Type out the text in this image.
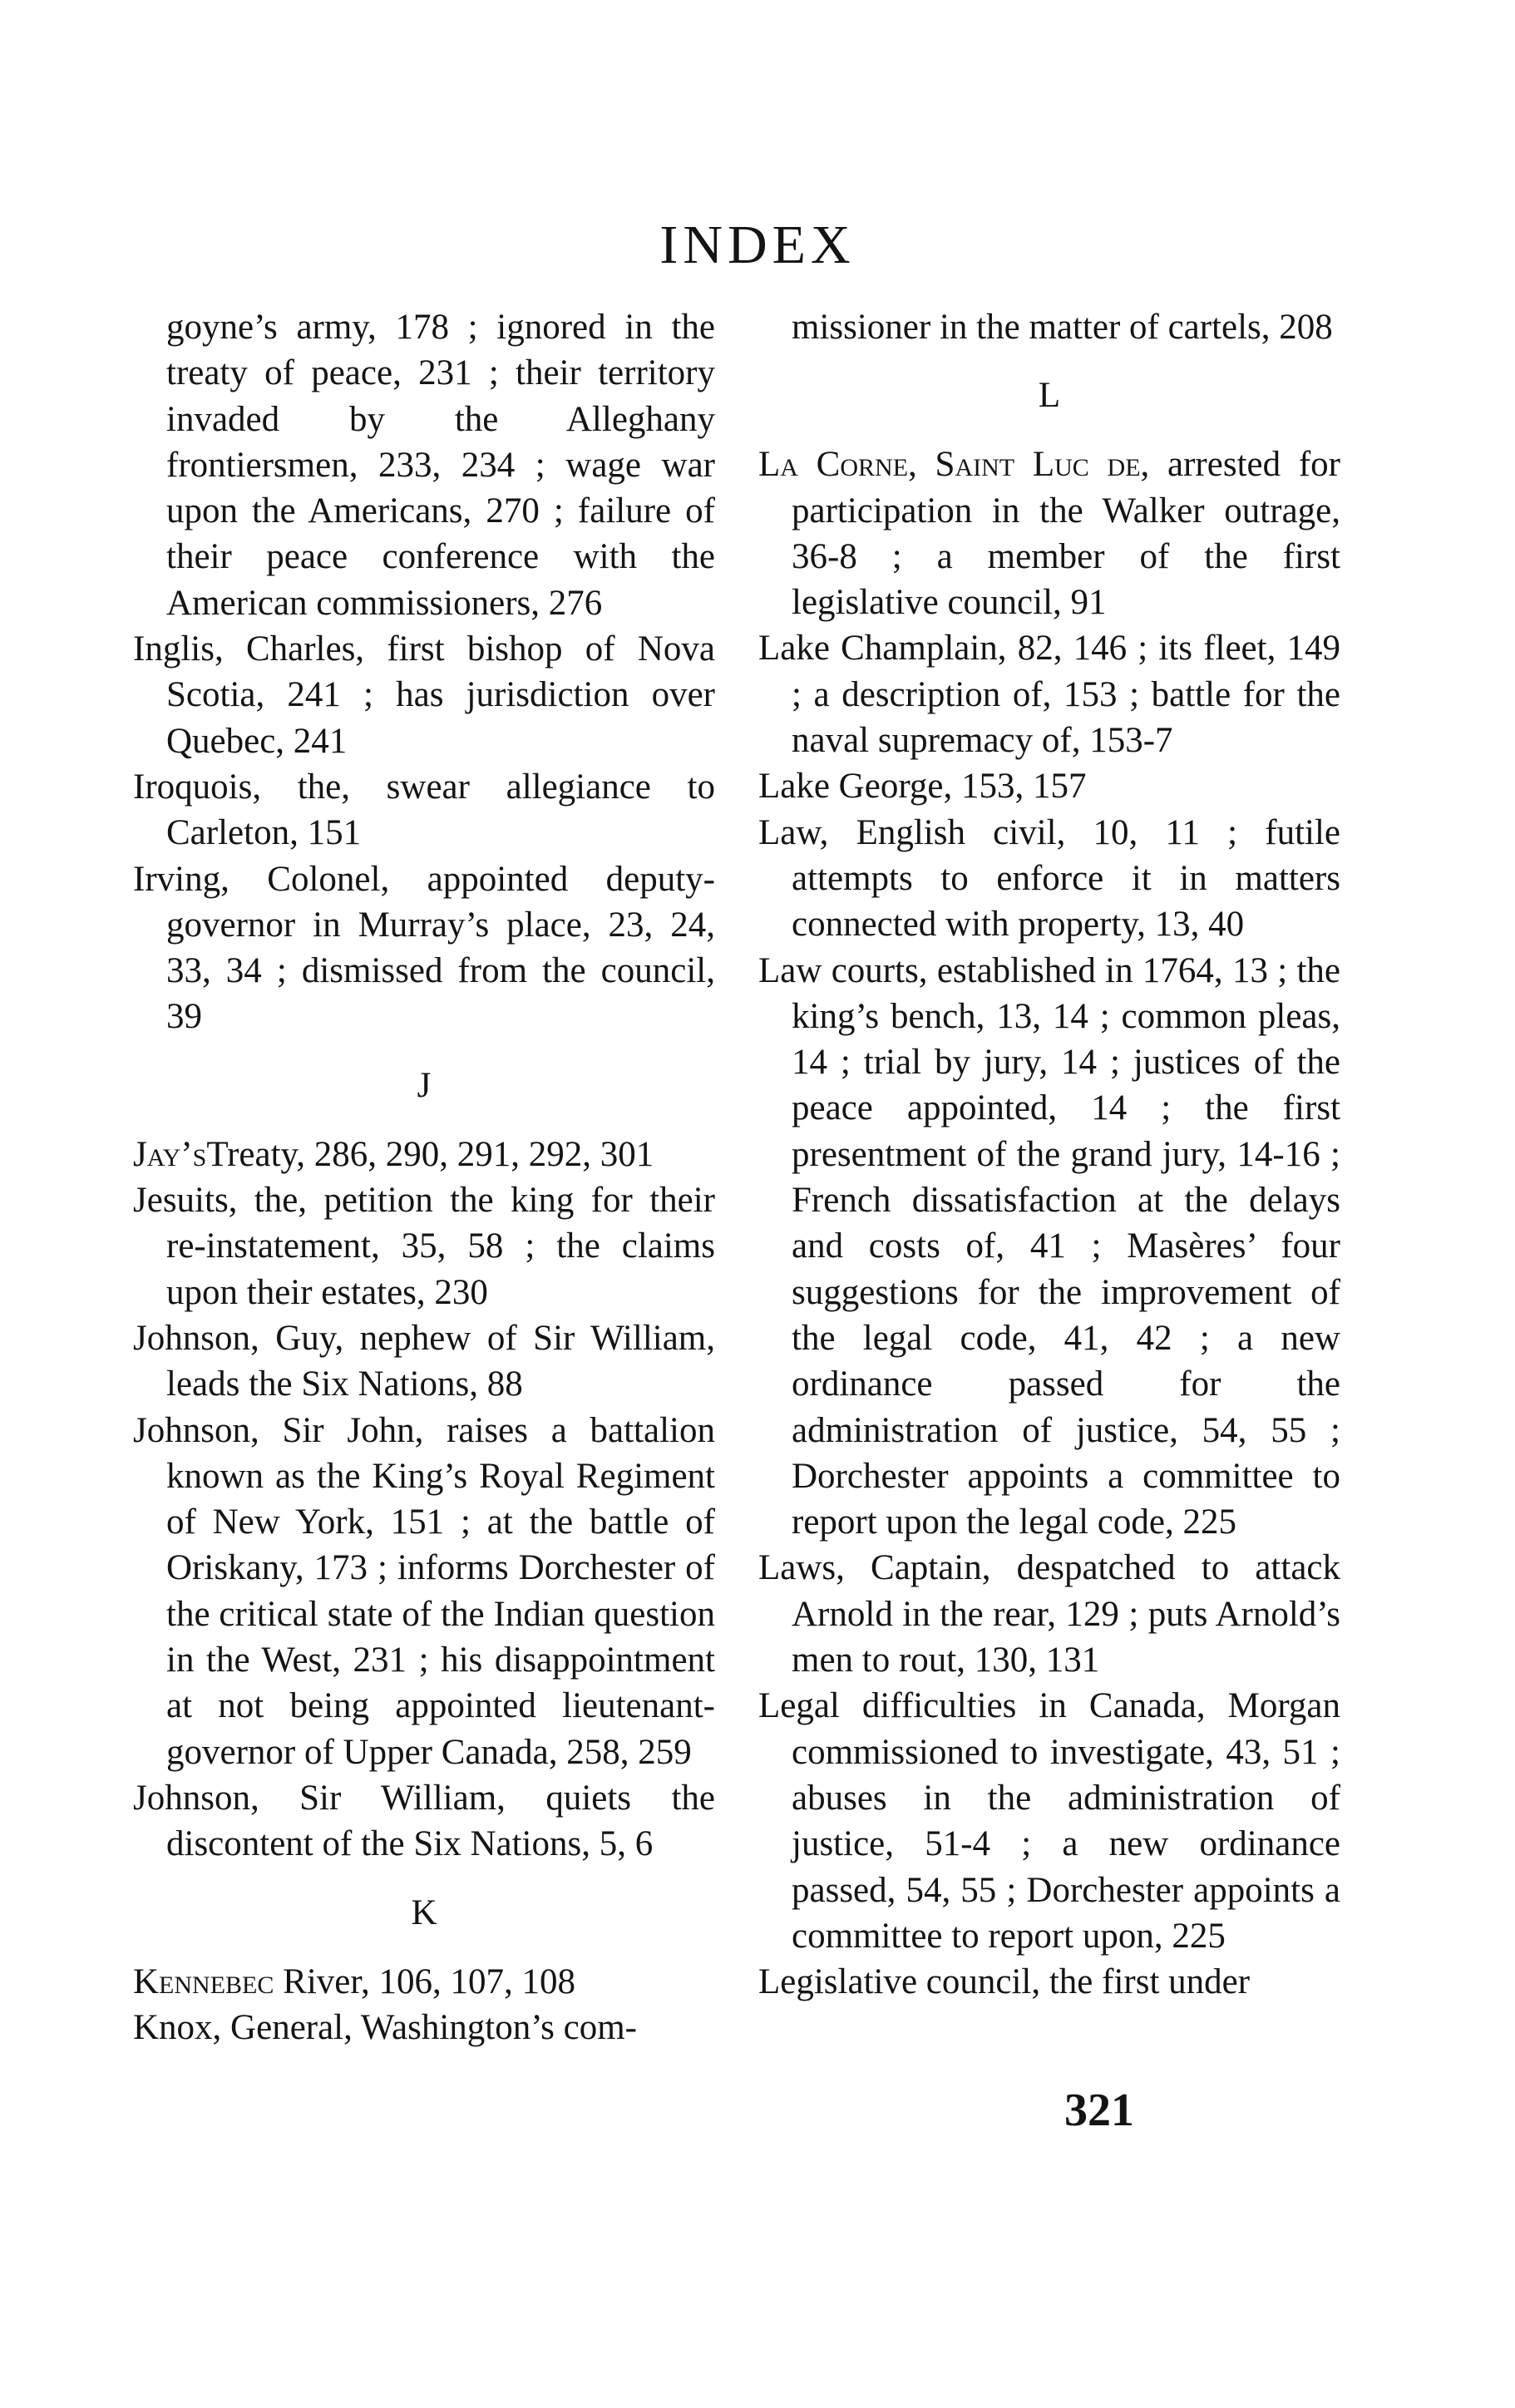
INDEX

goyne’s army, 178 ; ignored in the treaty of peace, 231 ; their territory invaded by the Alleghany frontiersmen, 233, 234 ; wage war upon the Americans, 270 ; failure of their peace conference with the American commissioners, 276

Inglis, Charles, first bishop of Nova Scotia, 241 ; has jurisdiction over Quebec, 241

Iroquois, the, swear allegiance to Carleton, 151

Irving, Colonel, appointed deputy-governor in Murray’s place, 23, 24, 33, 34 ; dismissed from the council, 39

J

Jay’sTreaty, 286, 290, 291, 292, 301

Jesuits, the, petition the king for their re-instatement, 35, 58 ; the claims upon their estates, 230

Johnson, Guy, nephew of Sir William, leads the Six Nations, 88

Johnson, Sir John, raises a battalion known as the King’s Royal Regiment of New York, 151 ; at the battle of Oriskany, 173 ; informs Dorchester of the critical state of the Indian question in the West, 231 ; his disappointment at not being appointed lieutenant-governor of Upper Canada, 258, 259

Johnson, Sir William, quiets the discontent of the Six Nations, 5, 6

K

Kennebec River, 106, 107, 108

Knox, General, Washington’s com-

missioner in the matter of cartels, 208

L

La Corne, Saint Luc de, arrested for participation in the Walker outrage, 36-8 ; a member of the first legislative council, 91

Lake Champlain, 82, 146 ; its fleet, 149 ; a description of, 153 ; battle for the naval supremacy of, 153-7

Lake George, 153, 157

Law, English civil, 10, 11 ; futile attempts to enforce it in matters connected with property, 13, 40

Law courts, established in 1764, 13 ; the king’s bench, 13, 14 ; common pleas, 14 ; trial by jury, 14 ; justices of the peace appointed, 14 ; the first presentment of the grand jury, 14-16 ; French dissatisfaction at the delays and costs of, 41 ; Masères’ four suggestions for the improvement of the legal code, 41, 42 ; a new ordinance passed for the administration of justice, 54, 55 ; Dorchester appoints a committee to report upon the legal code, 225

Laws, Captain, despatched to attack Arnold in the rear, 129 ; puts Arnold’s men to rout, 130, 131

Legal difficulties in Canada, Morgan commissioned to investigate, 43, 51 ; abuses in the administration of justice, 51-4 ; a new ordinance passed, 54, 55 ; Dorchester appoints a committee to report upon, 225

Legislative council, the first under

321
